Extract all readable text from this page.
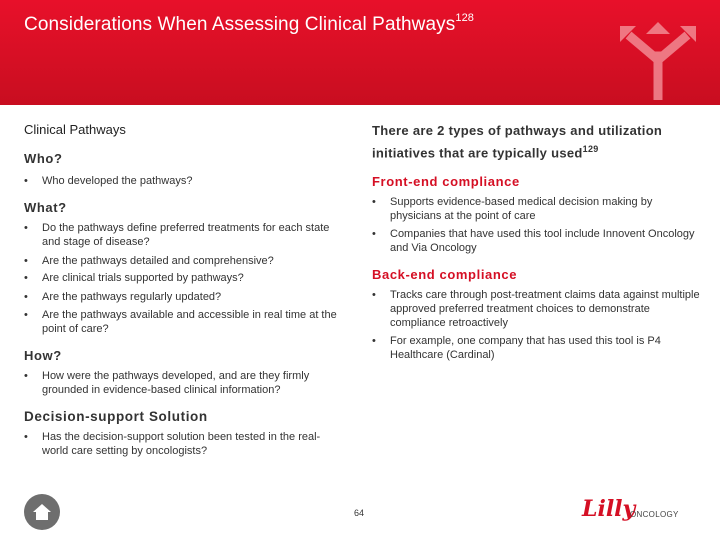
Considerations When Assessing Clinical Pathways$^{128}$
Clinical Pathways
Who?
• Who developed the pathways?
What?
• Do the pathways define preferred treatments for each state and stage of disease?
• Are the pathways detailed and comprehensive?
• Are clinical trials supported by pathways?
• Are the pathways regularly updated?
• Are the pathways available and accessible in real time at the point of care?
How?
• How were the pathways developed, and are they firmly grounded in evidence-based clinical information?
Decision-support Solution
• Has the decision-support solution been tested in the real-world care setting by oncologists?
There are 2 types of pathways and utilization initiatives that are typically used$^{129}$
Front-end compliance
• Supports evidence-based medical decision making by physicians at the point of care
• Companies that have used this tool include Innovent Oncology and Via Oncology
Back-end compliance
• Tracks care through post-treatment claims data against multiple approved preferred treatment choices to demonstrate compliance retroactively
• For example, one company that has used this tool is P4 Healthcare (Cardinal)
64	Lilly
ONCOLOGY
